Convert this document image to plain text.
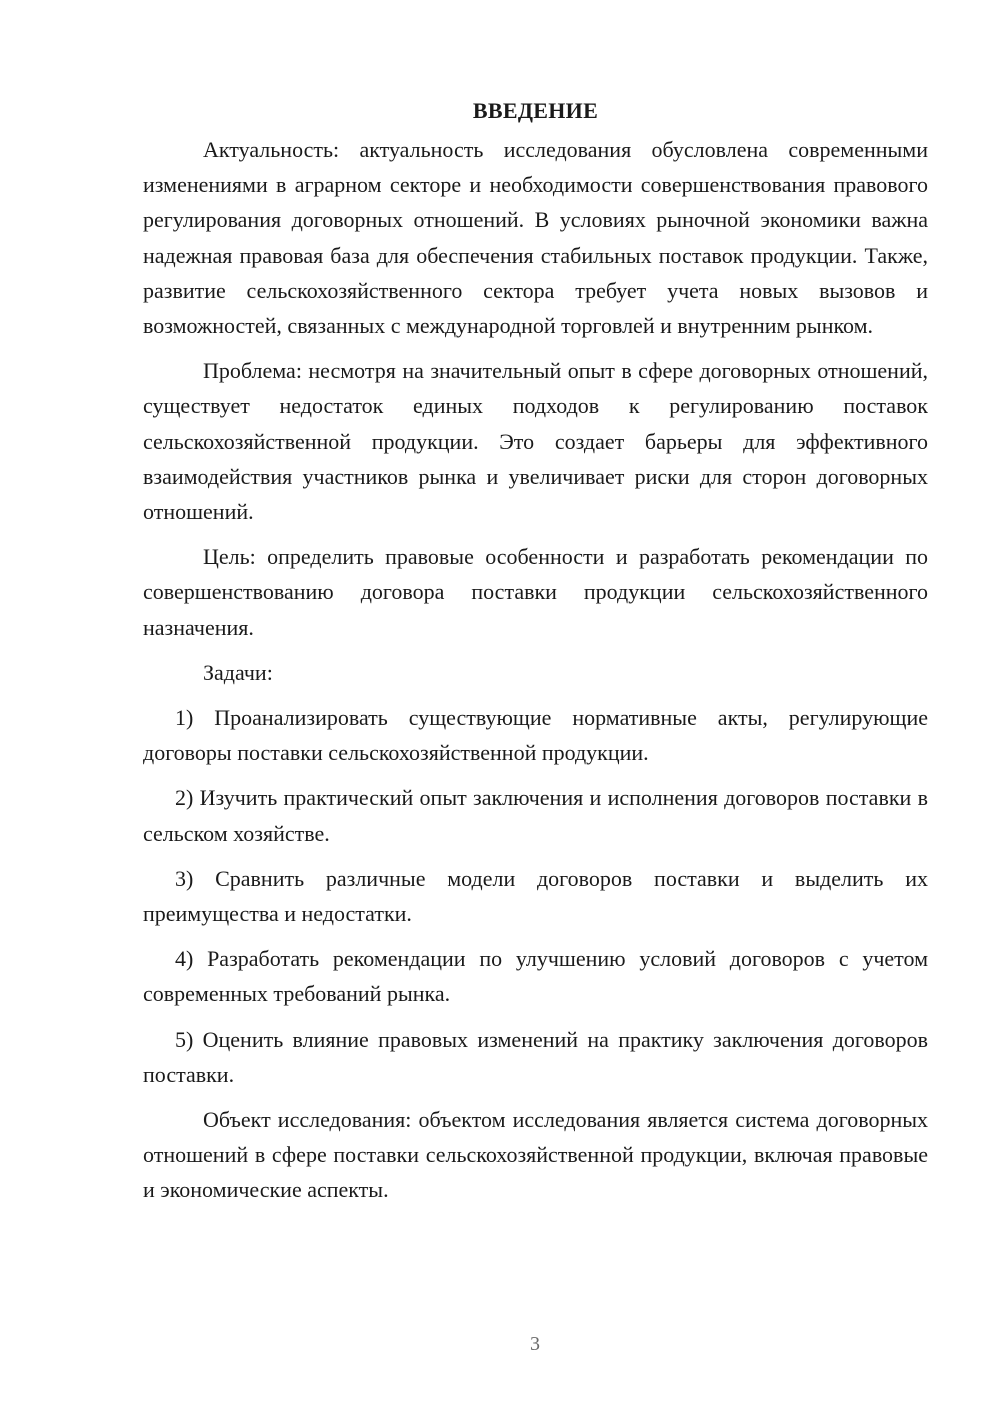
ВВЕДЕНИЕ

Актуальность: актуальность исследования обусловлена современными изменениями в аграрном секторе и необходимости совершенствования правового регулирования договорных отношений. В условиях рыночной экономики важна надежная правовая база для обеспечения стабильных поставок продукции. Также, развитие сельскохозяйственного сектора требует учета новых вызовов и возможностей, связанных с международной торговлей и внутренним рынком.

Проблема: несмотря на значительный опыт в сфере договорных отношений, существует недостаток единых подходов к регулированию поставок сельскохозяйственной продукции. Это создает барьеры для эффективного взаимодействия участников рынка и увеличивает риски для сторон договорных отношений.

Цель: определить правовые особенности и разработать рекомендации по совершенствованию договора поставки продукции сельскохозяйственного назначения.

Задачи:

1) Проанализировать существующие нормативные акты, регулирующие договоры поставки сельскохозяйственной продукции.

2) Изучить практический опыт заключения и исполнения договоров поставки в сельском хозяйстве.

3) Сравнить различные модели договоров поставки и выделить их преимущества и недостатки.

4) Разработать рекомендации по улучшению условий договоров с учетом современных требований рынка.

5) Оценить влияние правовых изменений на практику заключения договоров поставки.

Объект исследования: объектом исследования является система договорных отношений в сфере поставки сельскохозяйственной продукции, включая правовые и экономические аспекты.

3
